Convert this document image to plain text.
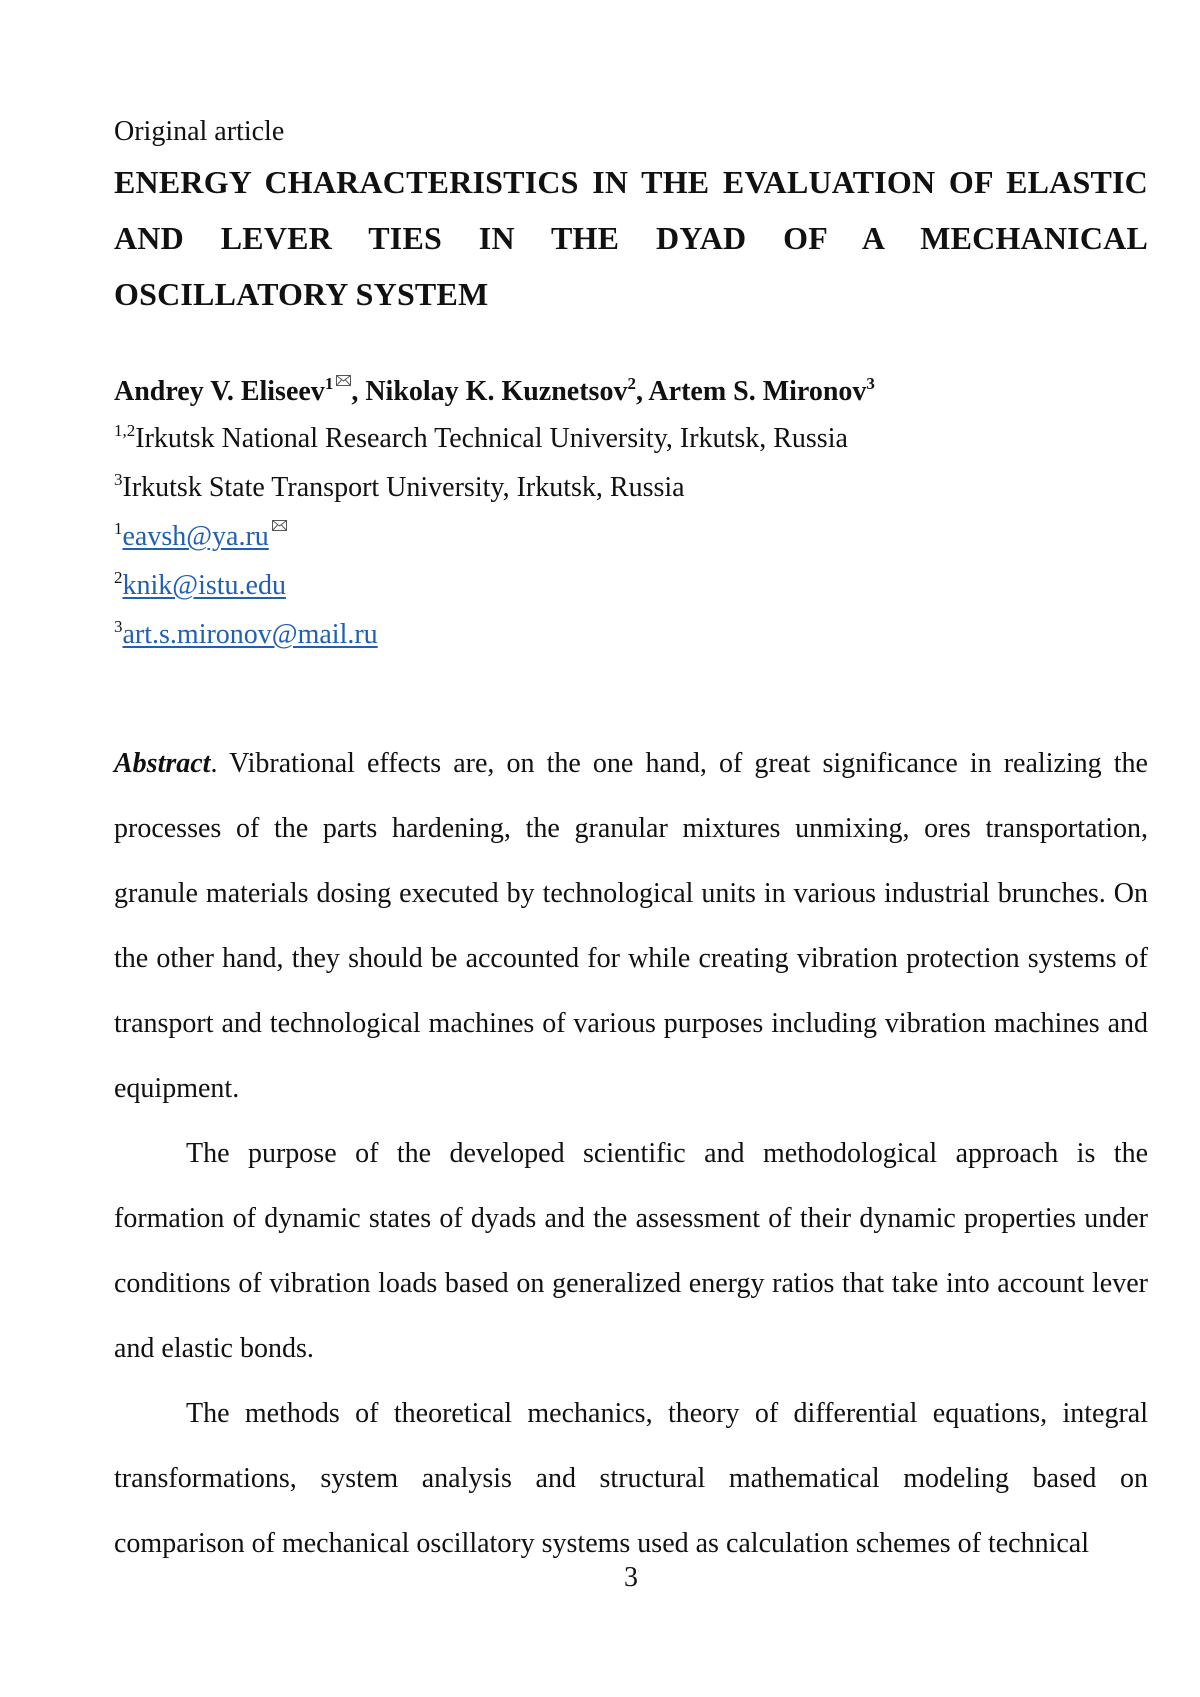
Original article

ENERGY CHARACTERISTICS IN THE EVALUATION OF ELASTIC AND LEVER TIES IN THE DYAD OF A MECHANICAL OSCILLATORY SYSTEM
Andrey V. Eliseev$^1$ , Nikolay K. Kuznetsov$^2$, Artem S. Mironov$^3$

$^{1,2}$Irkutsk National Research Technical University, Irkutsk, Russia

$^3$Irkutsk State Transport University, Irkutsk, Russia

$^1$eavsh@ya.ru

$^2$knik@istu.edu

$^3$art.s.mironov@mail.ru

Abstract. Vibrational effects are, on the one hand, of great significance in realizing the processes of the parts hardening, the granular mixtures unmixing, ores transportation, granule materials dosing executed by technological units in various industrial brunches. On the other hand, they should be accounted for while creating vibration protection systems of transport and technological machines of various purposes including vibration machines and equipment.

The purpose of the developed scientific and methodological approach is the formation of dynamic states of dyads and the assessment of their dynamic properties under conditions of vibration loads based on generalized energy ratios that take into account lever and elastic bonds.

The methods of theoretical mechanics, theory of differential equations, integral transformations, system analysis and structural mathematical modeling based on comparison of mechanical oscillatory systems used as calculation schemes of technical

3
